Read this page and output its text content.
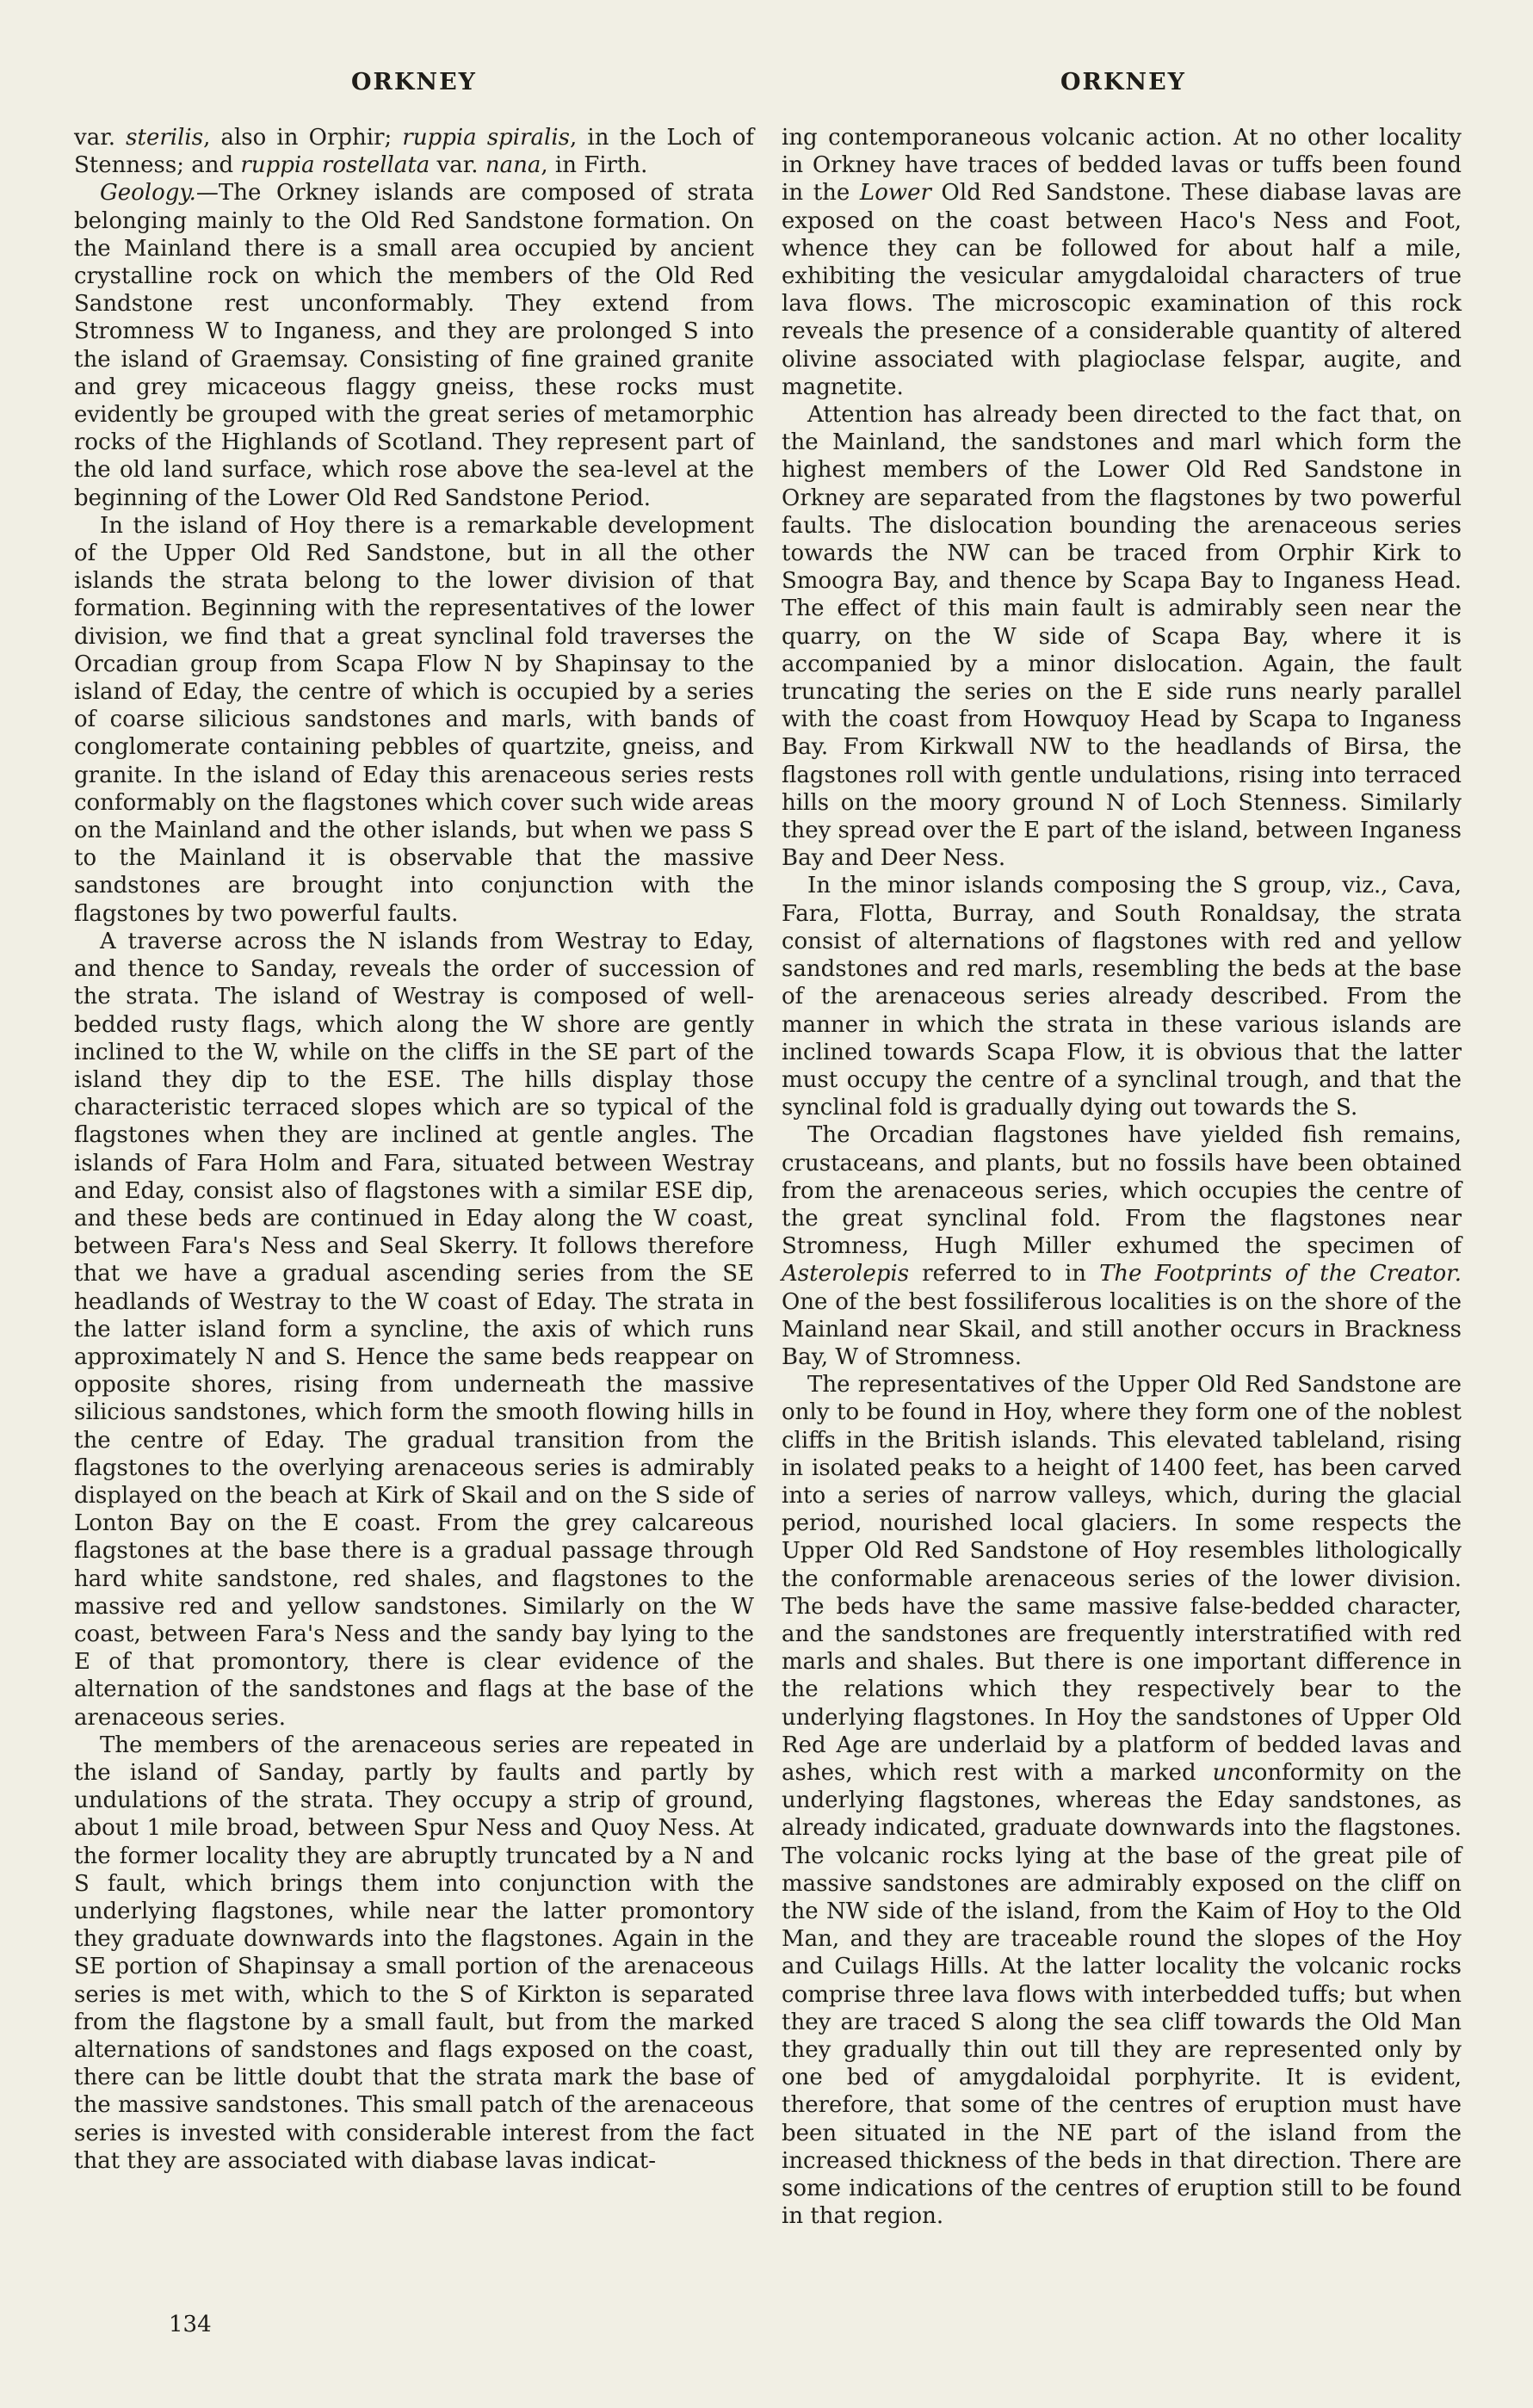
ORKNEY	ORKNEY

var. sterilis, also in Orphir; ruppia spiralis, in the Loch of Stenness; and ruppia rostellata var. nana, in Firth.

Geology.—The Orkney islands are composed of strata belonging mainly to the Old Red Sandstone formation. On the Mainland there is a small area occupied by ancient crystalline rock on which the members of the Old Red Sandstone rest unconformably. They extend from Stromness W to Inganess, and they are prolonged S into the island of Graemsay. Consisting of fine grained granite and grey micaceous flaggy gneiss, these rocks must evidently be grouped with the great series of metamorphic rocks of the Highlands of Scotland. They represent part of the old land surface, which rose above the sea-level at the beginning of the Lower Old Red Sandstone Period.

In the island of Hoy there is a remarkable development of the Upper Old Red Sandstone, but in all the other islands the strata belong to the lower division of that formation. Beginning with the representatives of the lower division, we find that a great synclinal fold traverses the Orcadian group from Scapa Flow N by Shapinsay to the island of Eday, the centre of which is occupied by a series of coarse silicious sandstones and marls, with bands of conglomerate containing pebbles of quartzite, gneiss, and granite. In the island of Eday this arenaceous series rests conformably on the flagstones which cover such wide areas on the Mainland and the other islands, but when we pass S to the Mainland it is observable that the massive sandstones are brought into conjunction with the flagstones by two powerful faults.

A traverse across the N islands from Westray to Eday, and thence to Sanday, reveals the order of succession of the strata. The island of Westray is composed of well-bedded rusty flags, which along the W shore are gently inclined to the W, while on the cliffs in the SE part of the island they dip to the ESE. The hills display those characteristic terraced slopes which are so typical of the flagstones when they are inclined at gentle angles. The islands of Fara Holm and Fara, situated between Westray and Eday, consist also of flagstones with a similar ESE dip, and these beds are continued in Eday along the W coast, between Fara's Ness and Seal Skerry. It follows therefore that we have a gradual ascending series from the SE headlands of Westray to the W coast of Eday. The strata in the latter island form a syncline, the axis of which runs approximately N and S. Hence the same beds reappear on opposite shores, rising from underneath the massive silicious sandstones, which form the smooth flowing hills in the centre of Eday. The gradual transition from the flagstones to the overlying arenaceous series is admirably displayed on the beach at Kirk of Skail and on the S side of Lonton Bay on the E coast. From the grey calcareous flagstones at the base there is a gradual passage through hard white sandstone, red shales, and flagstones to the massive red and yellow sandstones. Similarly on the W coast, between Fara's Ness and the sandy bay lying to the E of that promontory, there is clear evidence of the alternation of the sandstones and flags at the base of the arenaceous series.

The members of the arenaceous series are repeated in the island of Sanday, partly by faults and partly by undulations of the strata. They occupy a strip of ground, about 1 mile broad, between Spur Ness and Quoy Ness. At the former locality they are abruptly truncated by a N and S fault, which brings them into conjunction with the underlying flagstones, while near the latter promontory they graduate downwards into the flagstones. Again in the SE portion of Shapinsay a small portion of the arenaceous series is met with, which to the S of Kirkton is separated from the flagstone by a small fault, but from the marked alternations of sandstones and flags exposed on the coast, there can be little doubt that the strata mark the base of the massive sandstones. This small patch of the arenaceous series is invested with considerable interest from the fact that they are associated with diabase lavas indicat-

ing contemporaneous volcanic action. At no other locality in Orkney have traces of bedded lavas or tuffs been found in the Lower Old Red Sandstone. These diabase lavas are exposed on the coast between Haco's Ness and Foot, whence they can be followed for about half a mile, exhibiting the vesicular amygdaloidal characters of true lava flows. The microscopic examination of this rock reveals the presence of a considerable quantity of altered olivine associated with plagioclase felspar, augite, and magnetite.

Attention has already been directed to the fact that, on the Mainland, the sandstones and marl which form the highest members of the Lower Old Red Sandstone in Orkney are separated from the flagstones by two powerful faults. The dislocation bounding the arenaceous series towards the NW can be traced from Orphir Kirk to Smoogra Bay, and thence by Scapa Bay to Inganess Head. The effect of this main fault is admirably seen near the quarry, on the W side of Scapa Bay, where it is accompanied by a minor dislocation. Again, the fault truncating the series on the E side runs nearly parallel with the coast from Howquoy Head by Scapa to Inganess Bay. From Kirkwall NW to the headlands of Birsa, the flagstones roll with gentle undulations, rising into terraced hills on the moory ground N of Loch Stenness. Similarly they spread over the E part of the island, between Inganess Bay and Deer Ness.

In the minor islands composing the S group, viz., Cava, Fara, Flotta, Burray, and South Ronaldsay, the strata consist of alternations of flagstones with red and yellow sandstones and red marls, resembling the beds at the base of the arenaceous series already described. From the manner in which the strata in these various islands are inclined towards Scapa Flow, it is obvious that the latter must occupy the centre of a synclinal trough, and that the synclinal fold is gradually dying out towards the S.

The Orcadian flagstones have yielded fish remains, crustaceans, and plants, but no fossils have been obtained from the arenaceous series, which occupies the centre of the great synclinal fold. From the flagstones near Stromness, Hugh Miller exhumed the specimen of Asterolepis referred to in The Footprints of the Creator. One of the best fossiliferous localities is on the shore of the Mainland near Skail, and still another occurs in Brackness Bay, W of Stromness.

The representatives of the Upper Old Red Sandstone are only to be found in Hoy, where they form one of the noblest cliffs in the British islands. This elevated tableland, rising in isolated peaks to a height of 1400 feet, has been carved into a series of narrow valleys, which, during the glacial period, nourished local glaciers. In some respects the Upper Old Red Sandstone of Hoy resembles lithologically the conformable arenaceous series of the lower division. The beds have the same massive false-bedded character, and the sandstones are frequently interstratified with red marls and shales. But there is one important difference in the relations which they respectively bear to the underlying flagstones. In Hoy the sandstones of Upper Old Red Age are underlaid by a platform of bedded lavas and ashes, which rest with a marked unconformity on the underlying flagstones, whereas the Eday sandstones, as already indicated, graduate downwards into the flagstones. The volcanic rocks lying at the base of the great pile of massive sandstones are admirably exposed on the cliff on the NW side of the island, from the Kaim of Hoy to the Old Man, and they are traceable round the slopes of the Hoy and Cuilags Hills. At the latter locality the volcanic rocks comprise three lava flows with interbedded tuffs; but when they are traced S along the sea cliff towards the Old Man they gradually thin out till they are represented only by one bed of amygdaloidal porphyrite. It is evident, therefore, that some of the centres of eruption must have been situated in the NE part of the island from the increased thickness of the beds in that direction. There are some indications of the centres of eruption still to be found in that region.

134
